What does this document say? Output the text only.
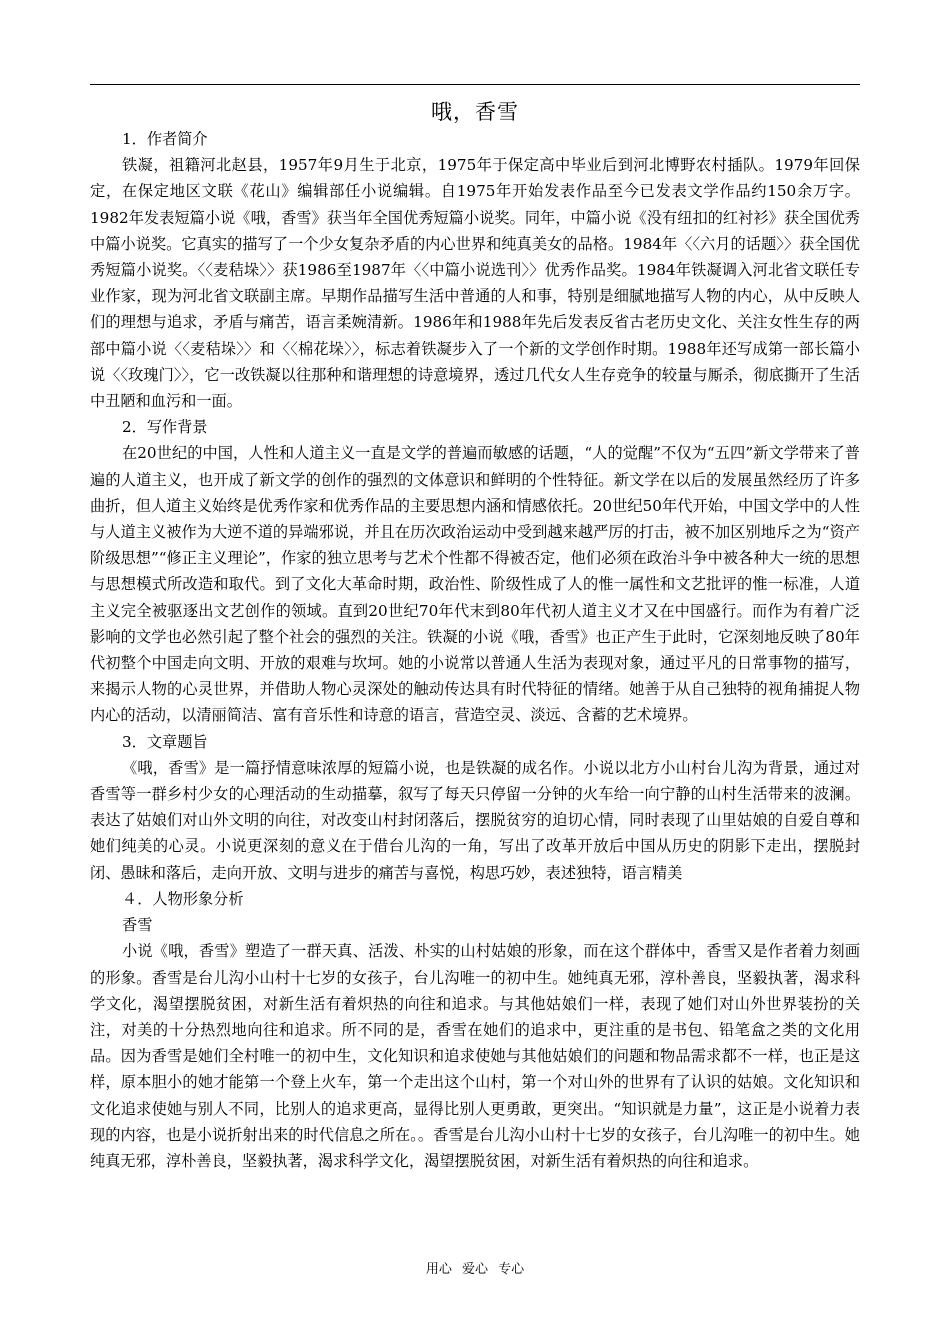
哦，香雪

1．作者简介

铁凝，祖籍河北赵县，1957年9月生于北京，1975年于保定高中毕业后到河北博野农村插队。1979年回保定，在保定地区文联《花山》编辑部任小说编辑。自1975年开始发表作品至今已发表文学作品约150余万字。1982年发表短篇小说《哦，香雪》获当年全国优秀短篇小说奖。同年，中篇小说《没有纽扣的红衬衫》获全国优秀中篇小说奖。它真实的描写了一个少女复杂矛盾的内心世界和纯真美女的品格。1984年〈〈六月的话题〉〉获全国优秀短篇小说奖。〈〈麦秸垛〉〉获1986至1987年〈〈中篇小说选刊〉〉优秀作品奖。1984年铁凝调入河北省文联任专业作家，现为河北省文联副主席。早期作品描写生活中普通的人和事，特别是细腻地描写人物的内心，从中反映人们的理想与追求，矛盾与痛苦，语言柔婉清新。1986年和1988年先后发表反省古老历史文化、关注女性生存的两部中篇小说〈〈麦秸垛〉〉和〈〈棉花垛〉〉，标志着铁凝步入了一个新的文学创作时期。1988年还写成第一部长篇小说〈〈玫瑰门〉〉，它一改铁凝以往那种和谐理想的诗意境界，透过几代女人生存竞争的较量与厮杀，彻底撕开了生活中丑陋和血污和一面。

2．写作背景

在20世纪的中国，人性和人道主义一直是文学的普遍而敏感的话题，“人的觉醒”不仅为“五四”新文学带来了普遍的人道主义，也开成了新文学的创作的强烈的文体意识和鲜明的个性特征。新文学在以后的发展虽然经历了许多曲折，但人道主义始终是优秀作家和优秀作品的主要思想内涵和情感依托。20世纪50年代开始，中国文学中的人性与人道主义被作为大逆不道的异端邪说，并且在历次政治运动中受到越来越严厉的打击，被不加区别地斥之为“资产阶级思想”“修正主义理论”，作家的独立思考与艺术个性都不得被否定，他们必须在政治斗争中被各种大一统的思想与思想模式所改造和取代。到了文化大革命时期，政治性、阶级性成了人的惟一属性和文艺批评的惟一标准，人道主义完全被驱逐出文艺创作的领域。直到20世纪70年代末到80年代初人道主义才又在中国盛行。而作为有着广泛影响的文学也必然引起了整个社会的强烈的关注。铁凝的小说《哦，香雪》也正产生于此时，它深刻地反映了80年代初整个中国走向文明、开放的艰难与坎坷。她的小说常以普通人生活为表现对象，通过平凡的日常事物的描写，来揭示人物的心灵世界，并借助人物心灵深处的触动传达具有时代特征的情绪。她善于从自己独特的视角捕捉人物内心的活动，以清丽简洁、富有音乐性和诗意的语言，营造空灵、淡远、含蓄的艺术境界。

3．文章题旨

《哦，香雪》是一篇抒情意味浓厚的短篇小说，也是铁凝的成名作。小说以北方小山村台儿沟为背景，通过对香雪等一群乡村少女的心理活动的生动描摹，叙写了每天只停留一分钟的火车给一向宁静的山村生活带来的波澜。表达了姑娘们对山外文明的向往，对改变山村封闭落后，摆脱贫穷的迫切心情，同时表现了山里姑娘的自爱自尊和她们纯美的心灵。小说更深刻的意义在于借台儿沟的一角，写出了改革开放后中国从历史的阴影下走出，摆脱封闭、愚昧和落后，走向开放、文明与进步的痛苦与喜悦，构思巧妙，表述独特，语言精美

４．人物形象分析

香雪

小说《哦，香雪》塑造了一群天真、活泼、朴实的山村姑娘的形象，而在这个群体中，香雪又是作者着力刻画的形象。香雪是台儿沟小山村十七岁的女孩子，台儿沟唯一的初中生。她纯真无邪，淳朴善良，坚毅执著，渴求科学文化，渴望摆脱贫困，对新生活有着炽热的向往和追求。与其他姑娘们一样，表现了她们对山外世界装扮的关注，对美的十分热烈地向往和追求。所不同的是，香雪在她们的追求中，更注重的是书包、铅笔盒之类的文化用品。因为香雪是她们全村唯一的初中生，文化知识和追求使她与其他姑娘们的问题和物品需求都不一样，也正是这样，原本胆小的她才能第一个登上火车，第一个走出这个山村，第一个对山外的世界有了认识的姑娘。文化知识和文化追求使她与别人不同，比别人的追求更高，显得比别人更勇敢，更突出。“知识就是力量”，这正是小说着力表现的内容，也是小说折射出来的时代信息之所在。。香雪是台儿沟小山村十七岁的女孩子，台儿沟唯一的初中生。她纯真无邪，淳朴善良，坚毅执著，渴求科学文化，渴望摆脱贫困，对新生活有着炽热的向往和追求。

用心 爱心 专心
